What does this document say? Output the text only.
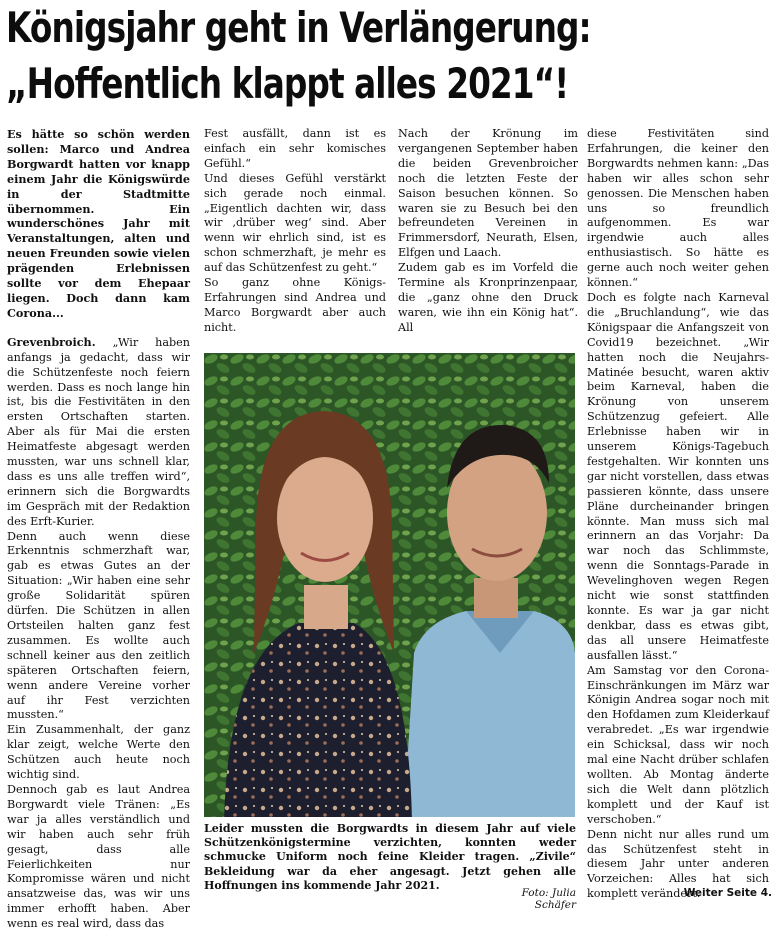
Königsjahr geht in Verlängerung:
„Hoffentlich klappt alles 2021“!

Es hätte so schön werden sollen: Marco und Andrea Borgwardt hatten vor knapp einem Jahr die Königswürde in der Stadtmitte übernommen. Ein wunderschönes Jahr mit Veranstaltungen, alten und neuen Freunden sowie vielen prägenden Erlebnissen sollte vor dem Ehepaar liegen. Doch dann kam Corona...

Grevenbroich. „Wir haben anfangs ja gedacht, dass wir die Schützenfeste noch feiern werden. Dass es noch lange hin ist, bis die Festivitäten in den ersten Ortschaften starten. Aber als für Mai die ersten Heimatfeste abgesagt werden mussten, war uns schnell klar, dass es uns alle treffen wird“, erinnern sich die Borgwardts im Gespräch mit der Redaktion des Erft-Kurier.

Denn auch wenn diese Erkenntnis schmerzhaft war, gab es etwas Gutes an der Situation: „Wir haben eine sehr große Solidarität spüren dürfen. Die Schützen in allen Ortsteilen halten ganz fest zusammen. Es wollte auch schnell keiner aus den zeitlich späteren Ortschaften feiern, wenn andere Vereine vorher auf ihr Fest verzichten mussten.“

Ein Zusammenhalt, der ganz klar zeigt, welche Werte den Schützen auch heute noch wichtig sind.

Dennoch gab es laut Andrea Borgwardt viele Tränen: „Es war ja alles verständlich und wir haben auch sehr früh gesagt, dass alle Feierlichkeiten nur Kompromisse wären und nicht ansatzweise das, was wir uns immer erhofft haben. Aber wenn es real wird, dass das

Fest ausfällt, dann ist es einfach ein sehr komisches Gefühl.“

Und dieses Gefühl verstärkt sich gerade noch einmal. „Eigentlich dachten wir, dass wir ‚drüber weg‘ sind. Aber wenn wir ehrlich sind, ist es schon schmerzhaft, je mehr es auf das Schützenfest zu geht.“

So ganz ohne Königs-Erfahrungen sind Andrea und Marco Borgwardt aber auch nicht.

Nach der Krönung im vergangenen September haben die beiden Grevenbroicher noch die letzten Feste der Saison besuchen können. So waren sie zu Besuch bei den befreundeten Vereinen in Frimmersdorf, Neurath, Elsen, Elfgen und Laach.

Zudem gab es im Vorfeld die Termine als Kronprinzenpaar, die „ganz ohne den Druck waren, wie ihn ein König hat“. All

diese Festivitäten sind Erfahrungen, die keiner den Borgwardts nehmen kann: „Das haben wir alles schon sehr genossen. Die Menschen haben uns so freundlich aufgenommen. Es war irgendwie auch alles enthusiastisch. So hätte es gerne auch noch weiter gehen können.“

Doch es folgte nach Karneval die „Bruchlandung“, wie das Königspaar die Anfangszeit von Covid19 bezeichnet. „Wir hatten noch die Neujahrs-Matinée besucht, waren aktiv beim Karneval, haben die Krönung von unserem Schützenzug gefeiert. Alle Erlebnisse haben wir in unserem Königs-Tagebuch festgehalten. Wir konnten uns gar nicht vorstellen, dass etwas passieren könnte, dass unsere Pläne durcheinander bringen könnte. Man muss sich mal erinnern an das Vorjahr: Da war noch das Schlimmste, wenn die Sonntags-Parade in Wevelinghoven wegen Regen nicht wie sonst stattfinden konnte. Es war ja gar nicht denkbar, dass es etwas gibt, das all unsere Heimatfeste ausfallen lässt.“

Am Samstag vor den Corona-Einschränkungen im März war Königin Andrea sogar noch mit den Hofdamen zum Kleiderkauf verabredet. „Es war irgendwie ein Schicksal, dass wir noch mal eine Nacht drüber schlafen wollten. Ab Montag änderte sich die Welt dann plötzlich komplett und der Kauf ist verschoben.“

Denn nicht nur alles rund um das Schützenfest steht in diesem Jahr unter anderen Vorzeichen: Alles hat sich komplett verändert.

Leider mussten die Borgwardts in diesem Jahr auf viele Schützenkönigstermine verzichten, konnten weder schmucke Uniform noch feine Kleider tragen. „Zivile“ Bekleidung war da eher angesagt. Jetzt gehen alle Hoffnungen ins kommende Jahr 2021.
Foto: Julia Schäfer
Weiter Seite 4.
